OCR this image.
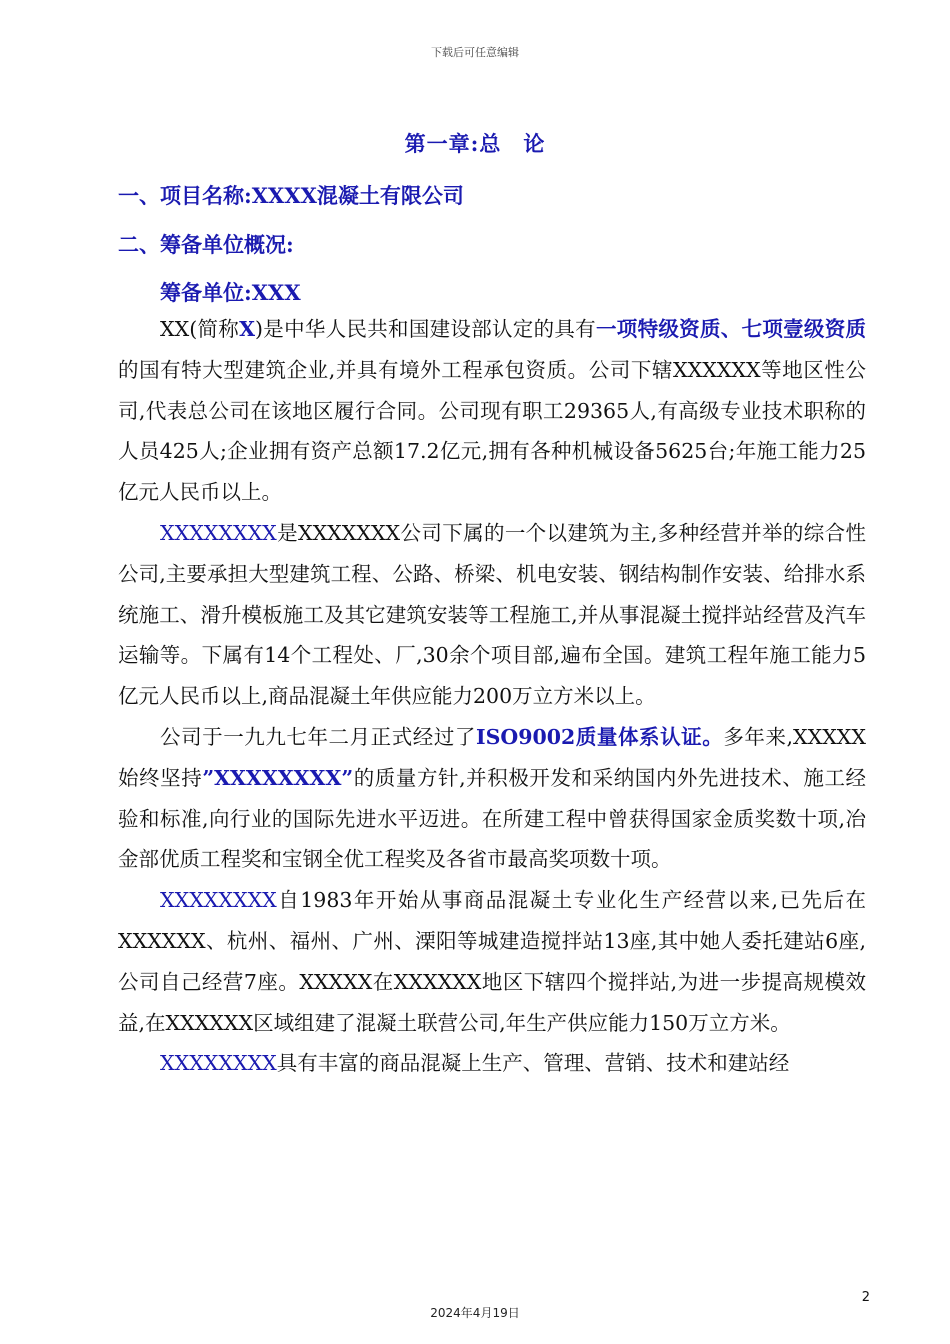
下载后可任意编辑
第一章:总　论
一、项目名称:XXXX混凝土有限公司
二、筹备单位概况:
筹备单位:XXX

XX(简称X)是中华人民共和国建设部认定的具有一项特级资质、七项壹级资质的国有特大型建筑企业,并具有境外工程承包资质。公司下辖XXXXXX等地区性公司,代表总公司在该地区履行合同。公司现有职工29365人,有高级专业技术职称的人员425人;企业拥有资产总额17.2亿元,拥有各种机械设备5625台;年施工能力25亿元人民币以上。

XXXXXXXX是XXXXXXX公司下属的一个以建筑为主,多种经营并举的综合性公司,主要承担大型建筑工程、公路、桥梁、机电安装、钢结构制作安装、给排水系统施工、滑升模板施工及其它建筑安装等工程施工,并从事混凝土搅拌站经营及汽车运输等。下属有14个工程处、厂,30余个项目部,遍布全国。建筑工程年施工能力5亿元人民币以上,商品混凝土年供应能力200万立方米以上。

公司于一九九七年二月正式经过了ISO9002质量体系认证。多年来,XXXXX始终坚持”XXXXXXXX”的质量方针,并积极开发和采纳国内外先进技术、施工经验和标准,向行业的国际先进水平迈进。在所建工程中曾获得国家金质奖数十项,冶金部优质工程奖和宝钢全优工程奖及各省市最高奖项数十项。

XXXXXXXX自1983年开始从事商品混凝土专业化生产经营以来,已先后在XXXXXX、杭州、福州、广州、溧阳等城建造搅拌站13座,其中她人委托建站6座,公司自己经营7座。XXXXX在XXXXXX地区下辖四个搅拌站,为进一步提高规模效益,在XXXXXX区域组建了混凝土联营公司,年生产供应能力150万立方米。

XXXXXXXX具有丰富的商品混凝上生产、管理、营销、技术和建站经

2
2024年4月19日
